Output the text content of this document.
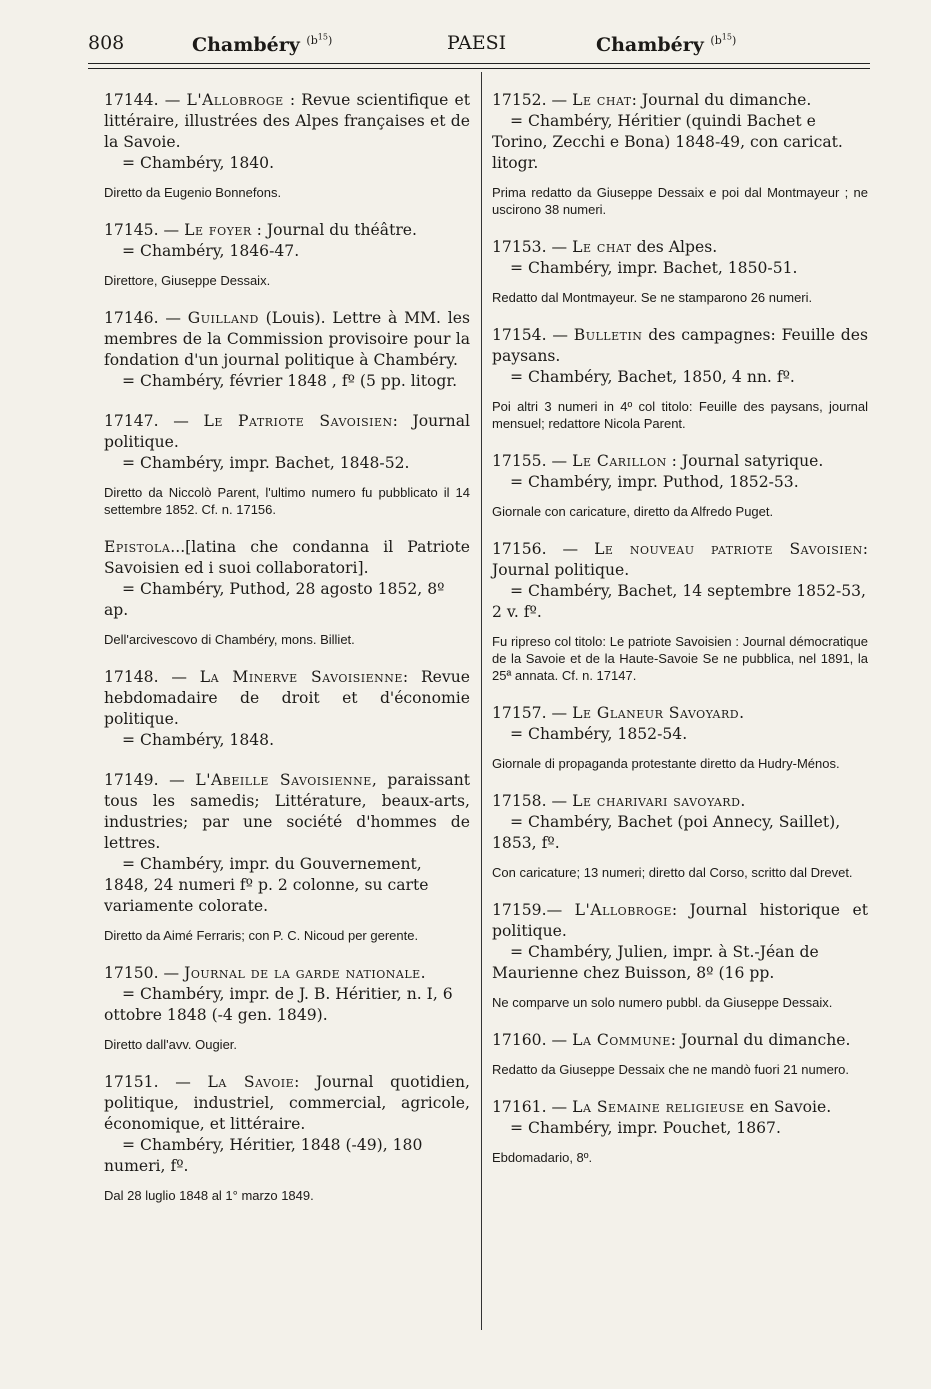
808	Chambéry $^{(b^{15})}$	PAESI	Chambéry $^{(b^{15})}$

17144. — L'Allobroge : Revue scientifique et littéraire, illustrées des Alpes françaises et de la Savoie.

= Chambéry, 1840.

Diretto da Eugenio Bonnefons.

17145. — Le foyer : Journal du théâtre.

= Chambéry, 1846-47.

Direttore, Giuseppe Dessaix.

17146. — Guilland (Louis). Lettre à MM. les membres de la Commission provisoire pour la fondation d'un journal politique à Chambéry.

= Chambéry, février 1848 , fº (5 pp. litogr.

17147. — Le Patriote Savoisien: Journal politique.

= Chambéry, impr. Bachet, 1848-52.

Diretto da Niccolò Parent, l'ultimo numero fu pubblicato il 14 settembre 1852. Cf. n. 17156.

Epistola...[latina che condanna il Patriote Savoisien ed i suoi collaboratori].

= Chambéry, Puthod, 28 agosto 1852, 8º ap.

Dell'arcivescovo di Chambéry, mons. Billiet.

17148. — La Minerve Savoisienne: Revue hebdomadaire de droit et d'économie politique.

= Chambéry, 1848.

17149. — L'Abeille Savoisienne, paraissant tous les samedis; Littérature, beaux-arts, industries; par une société d'hommes de lettres.

= Chambéry, impr. du Gouvernement, 1848, 24 numeri fº p. 2 colonne, su carte variamente colorate.

Diretto da Aimé Ferraris; con P. C. Nicoud per gerente.

17150. — Journal de la garde nationale.

= Chambéry, impr. de J. B. Héritier, n. I, 6 ottobre 1848 (-4 gen. 1849).

Diretto dall'avv. Ougier.

17151. — La Savoie: Journal quotidien, politique, industriel, commercial, agricole, économique, et littéraire.

= Chambéry, Héritier, 1848 (-49), 180 numeri, fº.

Dal 28 luglio 1848 al 1° marzo 1849.

17152. — Le chat: Journal du dimanche.

= Chambéry, Héritier (quindi Bachet e Torino, Zecchi e Bona) 1848-49, con caricat. litogr.

Prima redatto da Giuseppe Dessaix e poi dal Montmayeur ; ne uscirono 38 numeri.

17153. — Le chat des Alpes.

= Chambéry, impr. Bachet, 1850-51.

Redatto dal Montmayeur. Se ne stamparono 26 numeri.

17154. — Bulletin des campagnes: Feuille des paysans.

= Chambéry, Bachet, 1850, 4 nn. fº.

Poi altri 3 numeri in 4º col titolo: Feuille des paysans, journal mensuel; redattore Nicola Parent.

17155. — Le Carillon : Journal satyrique.

= Chambéry, impr. Puthod, 1852-53.

Giornale con caricature, diretto da Alfredo Puget.

17156. — Le nouveau patriote Savoisien: Journal politique.

= Chambéry, Bachet, 14 septembre 1852-53, 2 v. fº.

Fu ripreso col titolo: Le patriote Savoisien : Journal démocratique de la Savoie et de la Haute-Savoie Se ne pubblica, nel 1891, la 25ª annata. Cf. n. 17147.

17157. — Le Glaneur Savoyard.

= Chambéry, 1852-54.

Giornale di propaganda protestante diretto da Hudry-Ménos.

17158. — Le charivari savoyard.

= Chambéry, Bachet (poi Annecy, Saillet), 1853, fº.

Con caricature; 13 numeri; diretto dal Corso, scritto dal Drevet.

17159.— L'Allobroge: Journal historique et politique.

= Chambéry, Julien, impr. à St.-Jéan de Maurienne chez Buisson, 8º (16 pp.

Ne comparve un solo numero pubbl. da Giuseppe Dessaix.

17160. — La Commune: Journal du dimanche.

Redatto da Giuseppe Dessaix che ne mandò fuori 21 numero.

17161. — La Semaine religieuse en Savoie.

= Chambéry, impr. Pouchet, 1867.

Ebdomadario, 8º.
